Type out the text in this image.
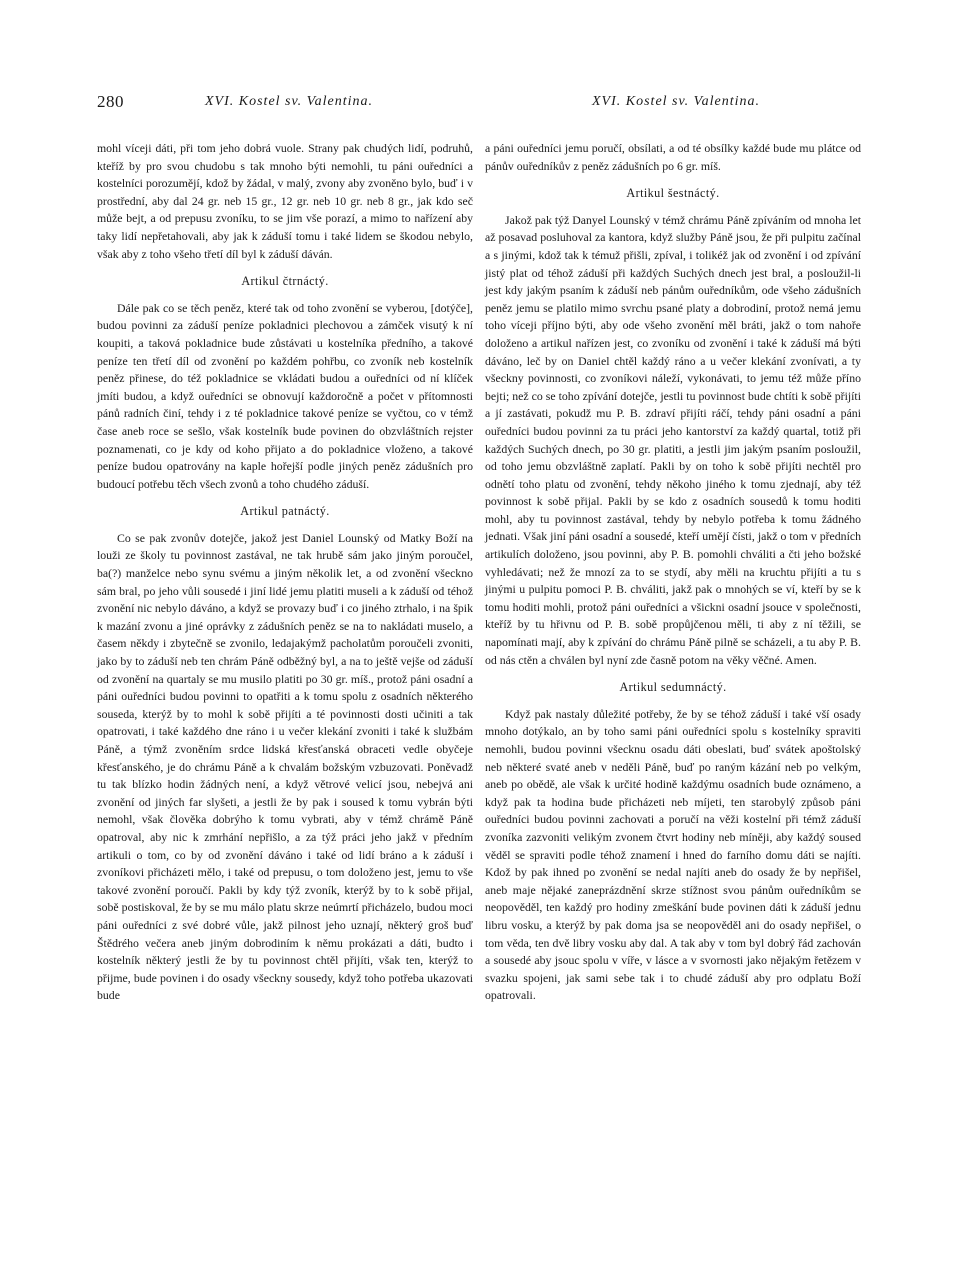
280	XVI. Kostel sv. Valentina.	XVI. Kostel sv. Valentina.

mohl víceji dáti, při tom jeho dobrá vuole. Strany pak chudých lidí, podruhů, kteříž by pro svou chudobu s tak mnoho býti nemohli, tu páni ouředníci a kostelníci porozumějí, kdož by žádal, v malý, zvony aby zvoněno bylo, buď i v prostřední, aby dal 24 gr. neb 15 gr., 12 gr. neb 10 gr. neb 8 gr., jak kdo seč může bejt, a od prepusu zvoníku, to se jim vše porazí, a mimo to nařízení aby taky lidí nepřetahovali, aby jak k záduší tomu i také lidem se škodou nebylo, však aby z toho všeho třetí díl byl k záduší dáván.

Artikul čtrnáctý.

Dále pak co se těch peněz, které tak od toho zvonění se vyberou, [dotýče], budou povinni za záduší peníze pokladnici plechovou a zámček visutý k ní koupiti, a taková pokladnice bude zůstávati u kostelníka předního, a takové peníze ten třetí díl od zvonění po každém pohřbu, co zvoník neb kostelník peněz přinese, do též pokladnice se vkládati budou a ouředníci od ní klíček jmíti budou, a když ouředníci se obnovují každoročně a počet v přítomnosti pánů radních činí, tehdy i z té pokladnice takové peníze se vyčtou, co v témž čase aneb roce se sešlo, však kostelník bude povinen do obzvláštních rejster poznamenati, co je kdy od koho přijato a do pokladnice vloženo, a takové peníze budou opatrovány na kaple hořejší podle jiných peněz zádušních pro budoucí potřebu těch všech zvonů a toho chudého záduší.

Artikul patnáctý.

Co se pak zvonův dotejče, jakož jest Daniel Lounský od Matky Boží na louži ze školy tu povinnost zastával, ne tak hrubě sám jako jiným poroučel, ba(?) manželce nebo synu svému a jiným několik let, a od zvonění všeckno sám bral, po jeho vůli sousedé i jiní lidé jemu platiti museli a k záduší od téhož zvonění nic nebylo dáváno, a když se provazy buď i co jiného ztrhalo, i na špik k mazání zvonu a jiné oprávky z zádušních peněz se na to nakládati muselo, a časem někdy i zbytečně se zvonilo, ledajakýmž pacholatům poroučeli zvoniti, jako by to záduší neb ten chrám Páně odběžný byl, a na to ještě vejše od záduší od zvonění na quartaly se mu musilo platiti po 30 gr. míš., protož páni osadní a páni ouředníci budou povinni to opatřiti a k tomu spolu z osadních některého souseda, kterýž by to mohl k sobě přijíti a té povinnosti dosti učiniti a tak opatrovati, i také každého dne ráno i u večer klekání zvoniti i také k službám Páně, a týmž zvoněním srdce lidská křesťanská obraceti vedle obyčeje křesťanského, je do chrámu Páně a k chvalám božským vzbuzovati. Poněvadž tu tak blízko hodin žádných není, a když větrové velicí jsou, nebejvá ani zvonění od jiných far slyšeti, a jestli že by pak i soused k tomu vybrán býti nemohl, však člověka dobrýho k tomu vybrati, aby v témž chrámě Páně opatroval, aby nic k zmrhání nepřišlo, a za týž práci jeho jakž v předním artikuli o tom, co by od zvonění dáváno i také od lidí bráno a k záduší i zvoníkovi přicházeti mělo, i také od prepusu, o tom doloženo jest, jemu to vše takové zvonění poroučí. Pakli by kdy týž zvoník, kterýž by to k sobě přijal, sobě postiskoval, že by se mu málo platu skrze neúmrtí přicházelo, budou moci páni ouředníci z své dobré vůle, jakž pilnost jeho uznají, některý groš buď Štědrého večera aneb jiným dobrodiním k němu prokázati a dáti, budto i kostelník některý jestli že by tu povinnost chtěl přijíti, však ten, kterýž to přijme, bude povinen i do osady všeckny sousedy, když toho potřeba ukazovati bude

a páni ouředníci jemu poručí, obsílati, a od té obsílky každé bude mu plátce od pánův ouředníkův z peněz zádušních po 6 gr. míš.

Artikul šestnáctý.

Jakož pak týž Danyel Lounský v témž chrámu Páně zpíváním od mnoha let až posavad posluhoval za kantora, když služby Páně jsou, že při pulpitu začínal a s jinými, kdož tak k témuž přišli, zpíval, i tolikéž jak od zvonění i od zpívání jistý plat od téhož záduší při každých Suchých dnech jest bral, a posloužil-li jest kdy jakým psaním k záduší neb pánům ouředníkům, ode všeho zádušních peněz jemu se platilo mimo svrchu psané platy a dobrodiní, protož nemá jemu toho víceji příjno býti, aby ode všeho zvonění měl bráti, jakž o tom nahoře doloženo a artikul nařízen jest, co zvoníku od zvonění i také k záduší má býti dáváno, leč by on Daniel chtěl každý ráno a u večer klekání zvonívati, a ty všeckny povinnosti, co zvoníkovi náleží, vykonávati, to jemu též může příno bejti; než co se toho zpívání dotejče, jestli tu povinnost bude chtíti k sobě přijíti a jí zastávati, pokudž mu P. B. zdraví přijíti ráčí, tehdy páni osadní a páni ouředníci budou povinni za tu práci jeho kantorství za každý quartal, totiž při každých Suchých dnech, po 30 gr. platiti, a jestli jim jakým psaním posloužil, od toho jemu obzvláštně zaplatí. Pakli by on toho k sobě přijíti nechtěl pro odnětí toho platu od zvonění, tehdy někoho jiného k tomu zjednají, aby též povinnost k sobě přijal. Pakli by se kdo z osadních sousedů k tomu hoditi mohl, aby tu povinnost zastával, tehdy by nebylo potřeba k tomu žádného jednati. Však jiní páni osadní a sousedé, kteří umějí čísti, jakž o tom v předních artikulích doloženo, jsou povinni, aby P. B. pomohli chváliti a čti jeho božské vyhledávati; než že mnozí za to se stydí, aby měli na kruchtu přijíti a tu s jinými u pulpitu pomoci P. B. chváliti, jakž pak o mnohých se ví, kteří by se k tomu hoditi mohli, protož páni ouředníci a všickni osadní jsouce v společnosti, kteříž by tu hřivnu od P. B. sobě propůjčenou měli, ti aby z ní těžili, se napomínati mají, aby k zpívání do chrámu Páně pilně se scházeli, a tu aby P. B. od nás ctěn a chválen byl nyní zde časně potom na věky věčné. Amen.

Artikul sedumnáctý.

Když pak nastaly důležité potřeby, že by se téhož záduší i také vší osady mnoho dotýkalo, an by toho sami páni ouředníci spolu s kostelníky spraviti nemohli, budou povinni všecknu osadu dáti obeslati, buď svátek apoštolský neb některé svaté aneb v neděli Páně, buď po raným kázání neb po velkým, aneb po obědě, ale však k určité hodině každýmu osadních bude oznámeno, a když pak ta hodina bude přicházeti neb míjeti, ten starobylý způsob páni ouředníci budou povinni zachovati a poručí na věži kostelní při témž záduší zvoníka zazvoniti velikým zvonem čtvrt hodiny neb míněji, aby každý soused věděl se spraviti podle téhož znamení i hned do farního domu dáti se najíti. Kdož by pak ihned po zvonění se nedal najíti aneb do osady že by nepřišel, aneb maje nějaké zaneprázdnění skrze stížnost svou pánům ouředníkům se neopověděl, ten každý pro hodiny zmeškání bude povinen dáti k záduší jednu libru vosku, a kterýž by pak doma jsa se neopověděl ani do osady nepřišel, o tom věda, ten dvě libry vosku aby dal. A tak aby v tom byl dobrý řád zachován a sousedé aby jsouc spolu v víře, v lásce a v svornosti jako nějakým řetězem v svazku spojeni, jak sami sebe tak i to chudé záduší aby pro odplatu Boží opatrovali.
